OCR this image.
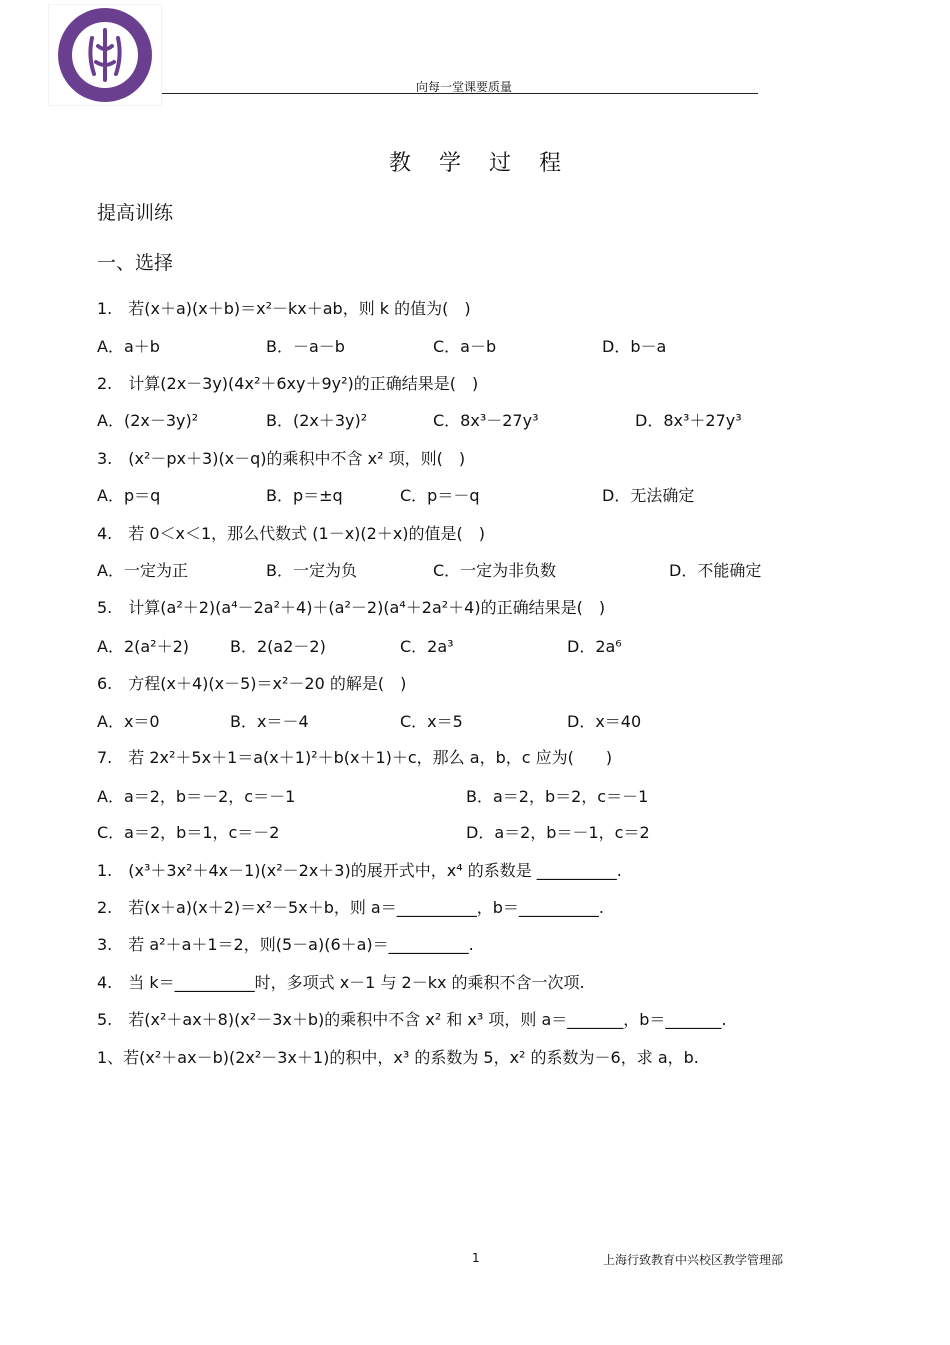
向每一堂课要质量
教学过程
提高训练
一、选择
1.　若(x＋a)(x＋b)＝x²－kx＋ab，则 k 的值为(　)
A．a＋b	B．－a－b	C．a－b	D．b－a
2.　计算(2x－3y)(4x²＋6xy＋9y²)的正确结果是(　)
A．(2x－3y)²	B．(2x＋3y)²	C．8x³－27y³	D．8x³＋27y³
3.　(x²－px＋3)(x－q)的乘积中不含 x² 项，则(　)
A．p＝q	B．p＝±q	C．p＝－q	D．无法确定
4.　若 0＜x＜1，那么代数式 (1－x)(2＋x)的值是(　)
A．一定为正	B．一定为负	C．一定为非负数	D．不能确定
5.　计算(a²＋2)(a⁴－2a²＋4)＋(a²－2)(a⁴＋2a²＋4)的正确结果是(　)
A．2(a²＋2)	B．2(a2－2)	C．2a³	D．2a⁶
6.　方程(x＋4)(x－5)＝x²－20 的解是(　)
A．x＝0	B．x＝－4	C．x＝5	D．x＝40
7.　若 2x²＋5x＋1＝a(x＋1)²＋b(x＋1)＋c，那么 a，b，c 应为(　　)
A．a＝2，b＝－2，c＝－1	B．a＝2，b＝2，c＝－1
C．a＝2，b＝1，c＝－2	D．a＝2，b＝－1，c＝2
1.　(x³＋3x²＋4x－1)(x²－2x＋3)的展开式中，x⁴ 的系数是 __________.
2.　若(x＋a)(x＋2)＝x²－5x＋b，则 a＝__________，b＝__________.
3.　若 a²＋a＋1＝2，则(5－a)(6＋a)＝__________.
4.　当 k＝__________时，多项式 x－1 与 2－kx 的乘积不含一次项.
5.　若(x²＋ax＋8)(x²－3x＋b)的乘积中不含 x² 和 x³ 项，则 a＝_______，b＝_______.
1、若(x²＋ax－b)(2x²－3x＋1)的积中，x³ 的系数为 5，x² 的系数为－6，求 a，b.
1	上海行致教育中兴校区教学管理部
